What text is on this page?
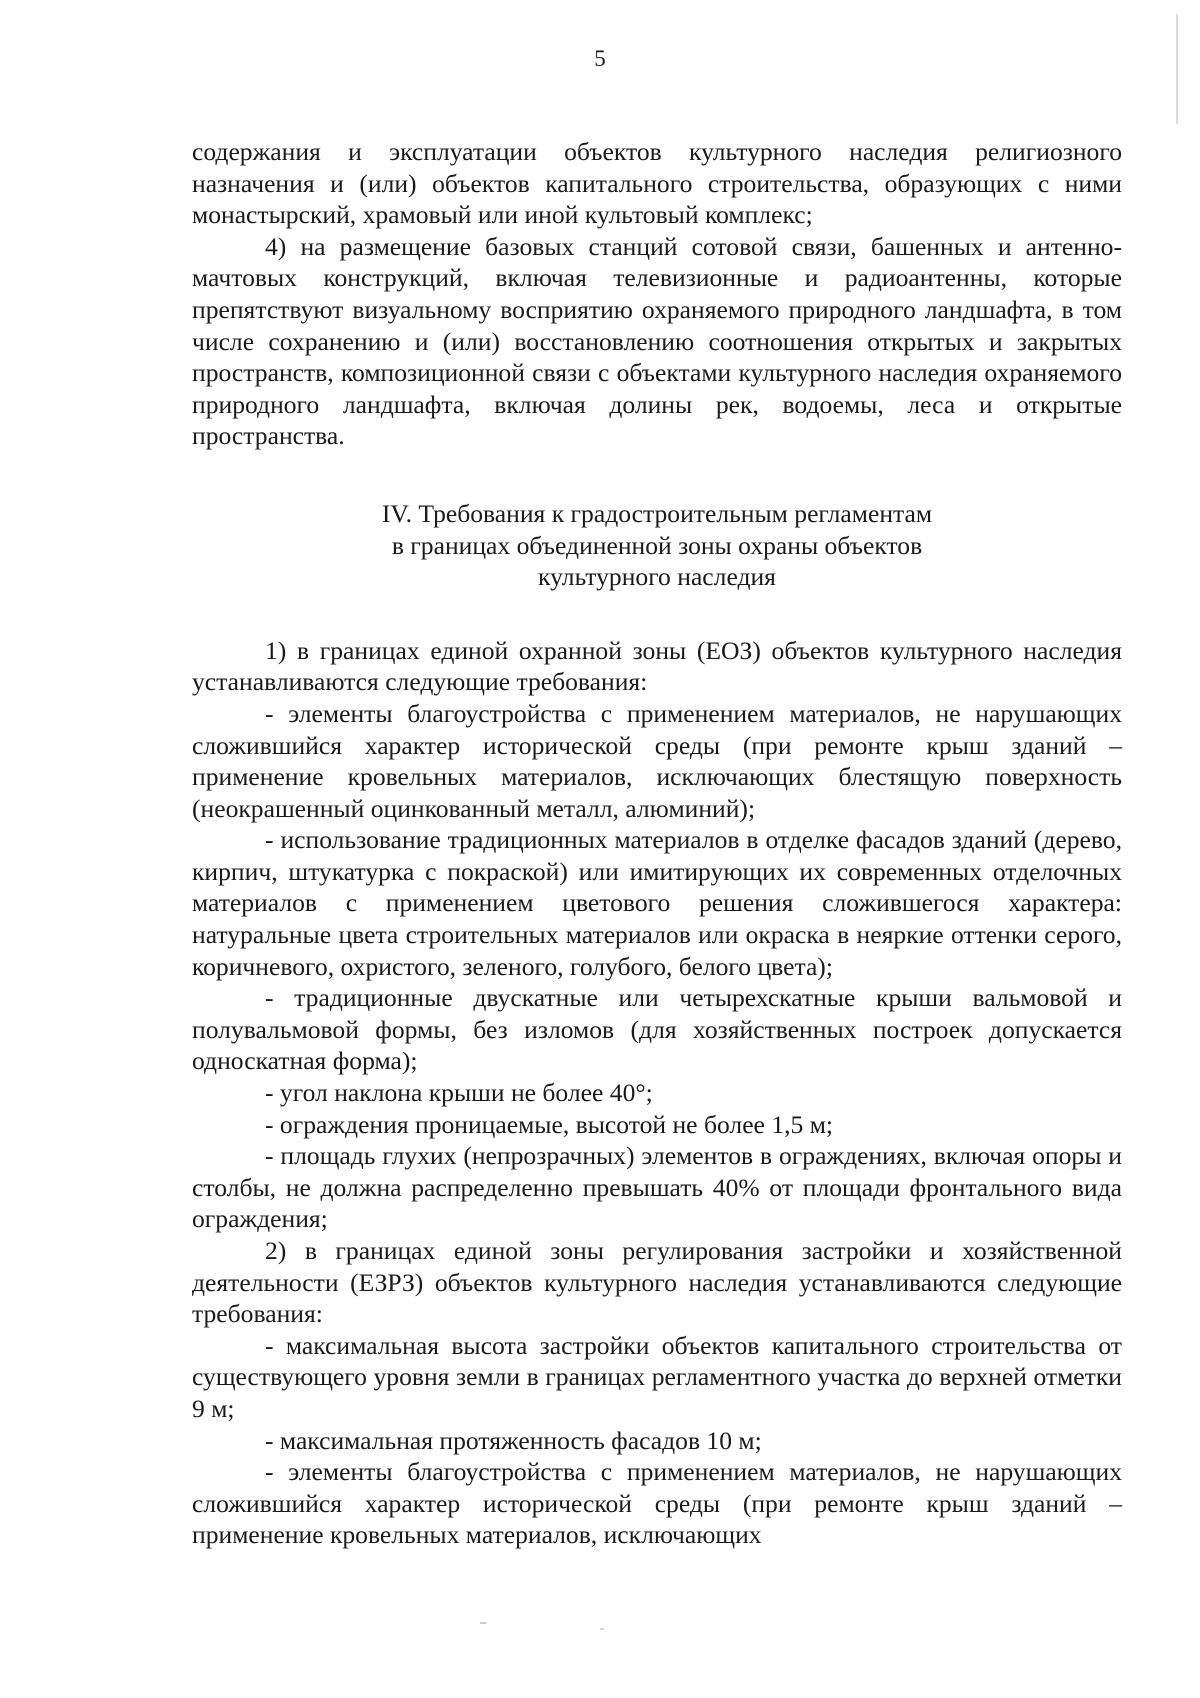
5

содержания и эксплуатации объектов культурного наследия религиозного назначения и (или) объектов капитального строительства, образующих с ними монастырский, храмовый или иной культовый комплекс;

4) на размещение базовых станций сотовой связи, башенных и антенно-мачтовых конструкций, включая телевизионные и радиоантенны, которые препятствуют визуальному восприятию охраняемого природного ландшафта, в том числе сохранению и (или) восстановлению соотношения открытых и закрытых пространств, композиционной связи с объектами культурного наследия охраняемого природного ландшафта, включая долины рек, водоемы, леса и открытые пространства.

IV. Требования к градостроительным регламентам
в границах объединенной зоны охраны объектов
культурного наследия

1) в границах единой охранной зоны (ЕОЗ) объектов культурного наследия устанавливаются следующие требования:

- элементы благоустройства с применением материалов, не нарушающих сложившийся характер исторической среды (при ремонте крыш зданий – применение кровельных материалов, исключающих блестящую поверхность (неокрашенный оцинкованный металл, алюминий);

- использование традиционных материалов в отделке фасадов зданий (дерево, кирпич, штукатурка с покраской) или имитирующих их современных отделочных материалов с применением цветового решения сложившегося характера: натуральные цвета строительных материалов или окраска в неяркие оттенки серого, коричневого, охристого, зеленого, голубого, белого цвета);

- традиционные двускатные или четырехскатные крыши вальмовой и полувальмовой формы, без изломов (для хозяйственных построек допускается односкатная форма);

- угол наклона крыши не более 40°;

- ограждения проницаемые, высотой не более 1,5 м;

- площадь глухих (непрозрачных) элементов в ограждениях, включая опоры и столбы, не должна распределенно превышать 40% от площади фронтального вида ограждения;

2) в границах единой зоны регулирования застройки и хозяйственной деятельности (ЕЗРЗ) объектов культурного наследия устанавливаются следующие требования:

- максимальная высота застройки объектов капитального строительства от существующего уровня земли в границах регламентного участка до верхней отметки 9 м;

- максимальная протяженность фасадов 10 м;

- элементы благоустройства с применением материалов, не нарушающих сложившийся характер исторической среды (при ремонте крыш зданий – применение кровельных материалов, исключающих
